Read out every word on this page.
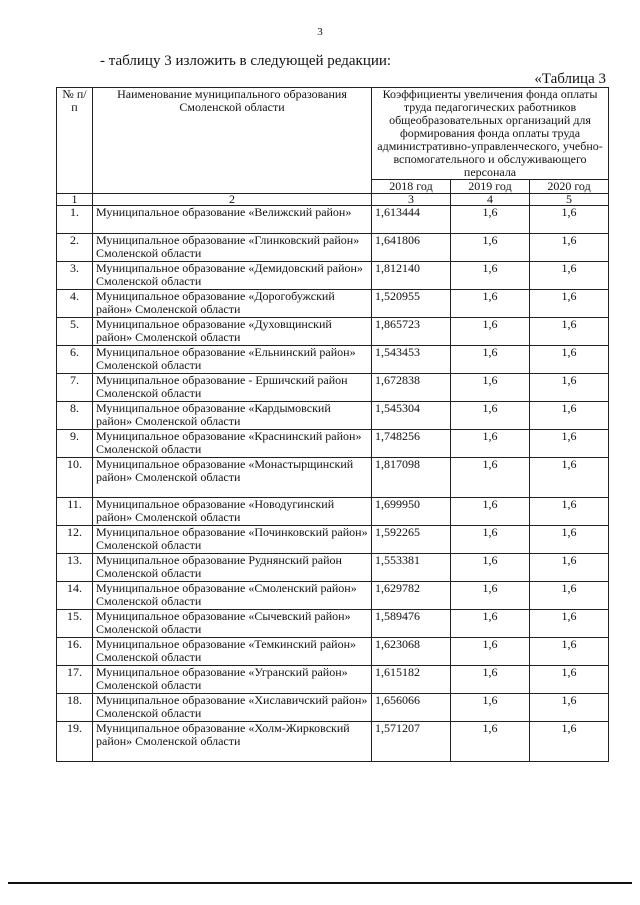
3
- таблицу 3 изложить в следующей редакции:
«Таблица 3
№ п/п	Наименование муниципального образования Смоленской области	Коэффициенты увеличения фонда оплаты труда педагогических работников общеобразовательных организаций для формирования фонда оплаты труда административно-управленческого, учебно-вспомогательного и обслуживающего персонала		
		2018 год	2019 год	2020 год
1	2	3	4	5
1.	Муниципальное образование «Велижский район»	1,613444	1,6	1,6
2.	Муниципальное образование «Глинковский район» Смоленской области	1,641806	1,6	1,6
3.	Муниципальное образование «Демидовский район» Смоленской области	1,812140	1,6	1,6
4.	Муниципальное образование «Дорогобужский район» Смоленской области	1,520955	1,6	1,6
5.	Муниципальное образование «Духовщинский район» Смоленской области	1,865723	1,6	1,6
6.	Муниципальное образование «Ельнинский район» Смоленской области	1,543453	1,6	1,6
7.	Муниципальное образование - Ершичский район Смоленской области	1,672838	1,6	1,6
8.	Муниципальное образование «Кардымовский район» Смоленской области	1,545304	1,6	1,6
9.	Муниципальное образование «Краснинский район» Смоленской области	1,748256	1,6	1,6
10.	Муниципальное образование «Монастырщинский район» Смоленской области	1,817098	1,6	1,6
11.	Муниципальное образование «Новодугинский район» Смоленской области	1,699950	1,6	1,6
12.	Муниципальное образование «Починковский район» Смоленской области	1,592265	1,6	1,6
13.	Муниципальное образование Руднянский район Смоленской области	1,553381	1,6	1,6
14.	Муниципальное образование «Смоленский район» Смоленской области	1,629782	1,6	1,6
15.	Муниципальное образование «Сычевский район» Смоленской области	1,589476	1,6	1,6
16.	Муниципальное образование «Темкинский район» Смоленской области	1,623068	1,6	1,6
17.	Муниципальное образование «Угранский район» Смоленской области	1,615182	1,6	1,6
18.	Муниципальное образование «Хиславичский район» Смоленской области	1,656066	1,6	1,6
19.	Муниципальное образование «Холм-Жирковский район» Смоленской области	1,571207	1,6	1,6
